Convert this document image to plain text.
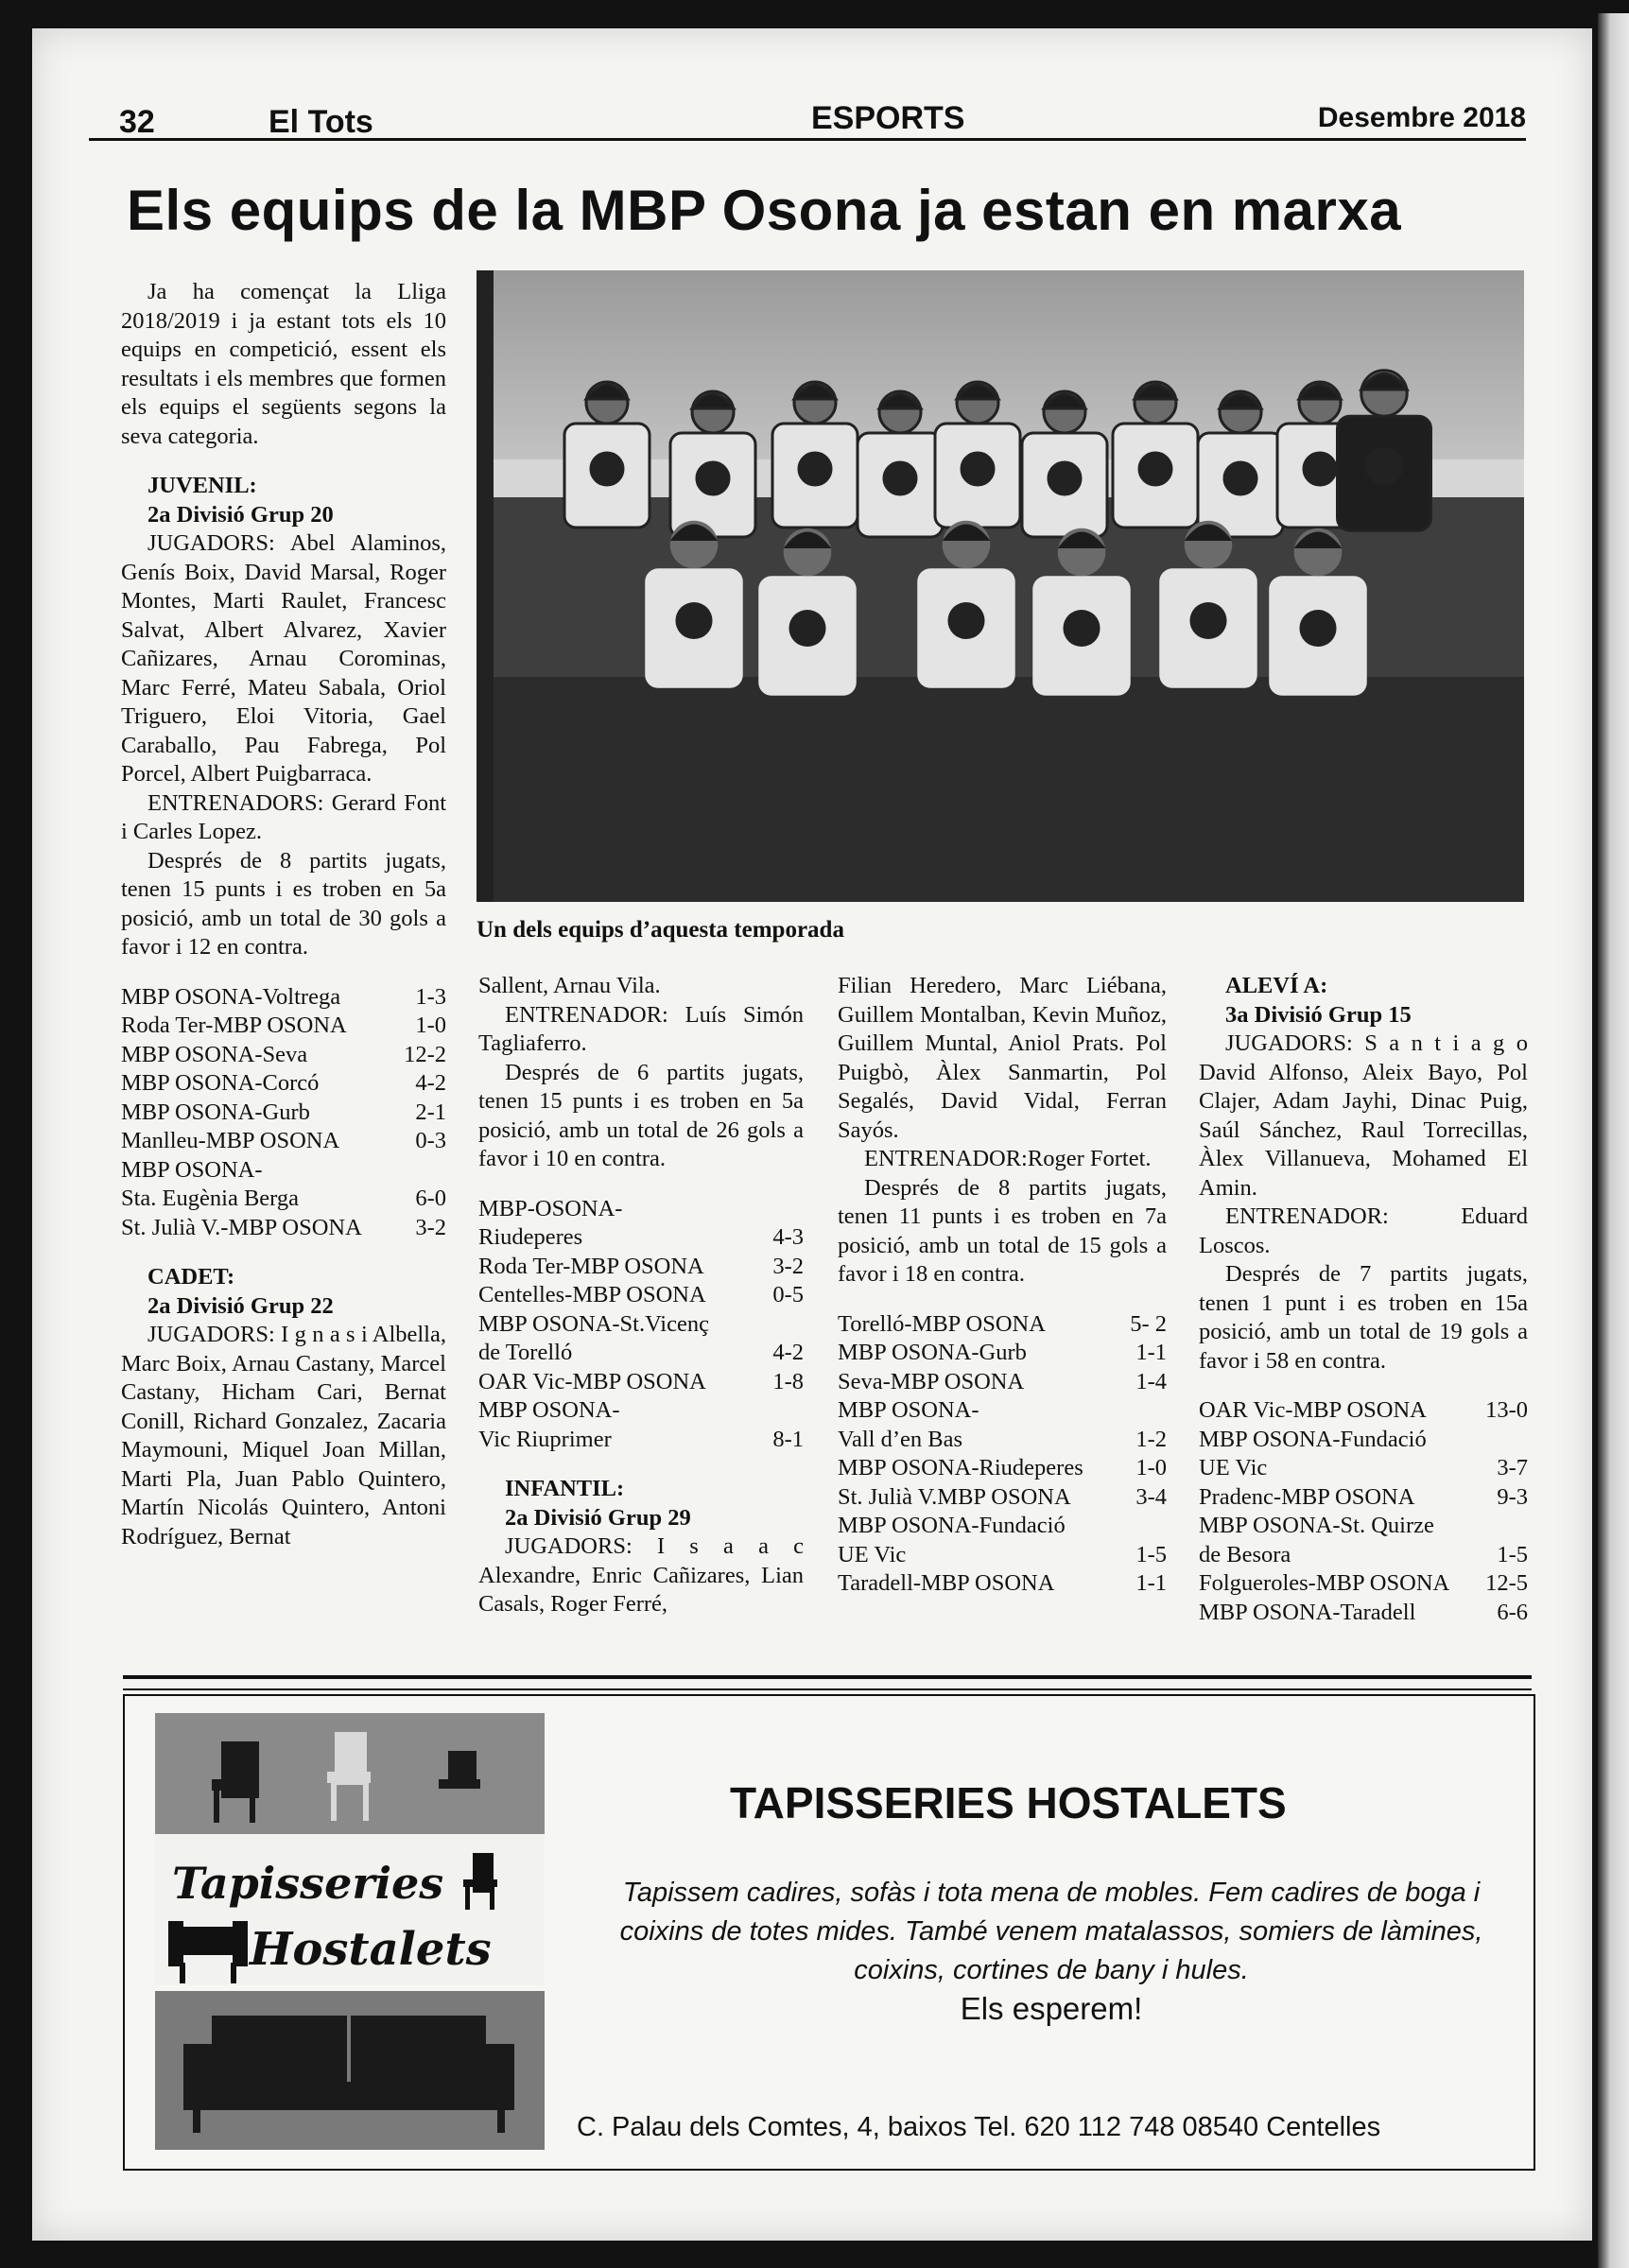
32	El Tots	ESPORTS	Desembre 2018
Els equips de la MBP Osona ja estan en marxa
Un dels equips d’aquesta temporada

Ja ha començat la Lliga 2018/2019 i ja estant tots els 10 equips en competició, essent els resultats i els membres que formen els equips el següents segons la seva categoria.

JUVENIL:
2a Divisió Grup 20

JUGADORS: Abel Alaminos, Genís Boix, David Marsal, Roger Montes, Marti Raulet, Francesc Salvat, Albert Alvarez, Xavier Cañizares, Arnau Corominas, Marc Ferré, Mateu Sabala, Oriol Triguero, Eloi Vitoria, Gael Caraballo, Pau Fabrega, Pol Porcel, Albert Puigbarraca.

ENTRENADORS: Gerard Font i Carles Lopez.

Després de 8 partits jugats, tenen 15 punts i es troben en 5a posició, amb un total de 30 gols a favor i 12 en contra.

MBP OSONA-Voltrega	1-3
Roda Ter-MBP OSONA	1-0
MBP OSONA-Seva	12-2
MBP OSONA-Corcó	4-2
MBP OSONA-Gurb	2-1
Manlleu-MBP OSONA	0-3
MBP OSONA-
Sta. Eugènia Berga	6-0
St. Julià V.-MBP OSONA 3-2
CADET:
2a Divisió Grup 22

JUGADORS: I g n a s i Albella, Marc Boix, Arnau Castany, Marcel Castany, Hicham Cari, Bernat Conill, Richard Gonzalez, Zacaria Maymouni, Miquel Joan Millan, Marti Pla, Juan Pablo Quintero, Martín Nicolás Quintero, Antoni Rodríguez, Bernat

Sallent, Arnau Vila.

ENTRENADOR: Luís Simón Tagliaferro.

Després de 6 partits jugats, tenen 15 punts i es troben en 5a posició, amb un total de 26 gols a favor i 10 en contra.

MBP-OSONA-
Riudeperes	4-3
Roda Ter-MBP OSONA	3-2
Centelles-MBP OSONA	0-5
MBP OSONA-St.Vicenç
de Torelló	4-2
OAR Vic-MBP OSONA	1-8
MBP OSONA-
Vic Riuprimer	8-1
INFANTIL:
2a Divisió Grup 29

JUGADORS: I s a a c Alexandre, Enric Cañizares, Lian Casals, Roger Ferré,

Filian Heredero, Marc Liébana, Guillem Montalban, Kevin Muñoz, Guillem Muntal, Aniol Prats. Pol Puigbò, Àlex Sanmartin, Pol Segalés, David Vidal, Ferran Sayós.

ENTRENADOR:Roger Fortet.

Després de 8 partits jugats, tenen 11 punts i es troben en 7a posició, amb un total de 15 gols a favor i 18 en contra.

Torelló-MBP OSONA	5- 2
MBP OSONA-Gurb	1-1
Seva-MBP OSONA	1-4
MBP OSONA-
Vall d’en Bas	1-2
MBP OSONA-Riudeperes 1-0
St. Julià V.MBP OSONA	3-4
MBP OSONA-Fundació
UE Vic	1-5
Taradell-MBP OSONA	1-1
ALEVÍ A:
3a Divisió Grup 15

JUGADORS: S a n t i a g o David Alfonso, Aleix Bayo, Pol Clajer, Adam Jayhi, Dinac Puig, Saúl Sánchez, Raul Torrecillas, Àlex Villanueva, Mohamed El Amin.

ENTRENADOR: Eduard Loscos.

Després de 7 partits jugats, tenen 1 punt i es troben en 15a posició, amb un total de 19 gols a favor i 58 en contra.

OAR Vic-MBP OSONA	13-0
MBP OSONA-Fundació
UE Vic	3-7
Pradenc-MBP OSONA	9-3
MBP OSONA-St. Quirze
de Besora	1-5
Folgueroles-MBP OSONA 12-5
MBP OSONA-Taradell	6-6
Tapisseries
Hostalets
TAPISSERIES HOSTALETS
Tapissem cadires, sofàs i tota mena de mobles. Fem cadires de boga i coixins de totes mides. També venem matalassos, somiers de làmines, coixins, cortines de bany i hules.
Els esperem!
C. Palau dels Comtes, 4, baixos Tel. 620 112 748 08540 Centelles
